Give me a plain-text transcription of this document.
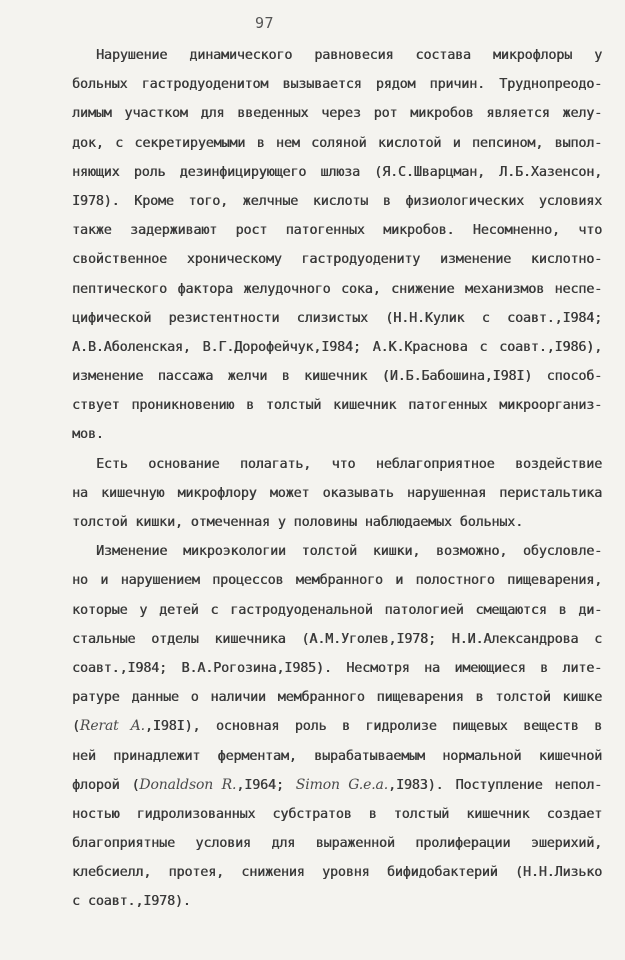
97
Нарушение динамического равновесия состава микрофлоры у
больных гастродуоденитом вызывается рядом причин. Труднопреодо-
лимым участком для введенных через рот микробов является желу-
док, с секретируемыми в нем соляной кислотой и пепсином, выпол-
няющих роль дезинфицирующего шлюза (Я.С.Шварцман, Л.Б.Хазенсон,
I978). Кроме того, желчные кислоты в физиологических условиях
также задерживают рост патогенных микробов. Несомненно, что
свойственное хроническому гастродуодениту изменение кислотно-
пептического фактора желудочного сока, снижение механизмов неспе-
цифической резистентности слизистых (Н.Н.Кулик с соавт.,I984;
А.В.Аболенская, В.Г.Дорофейчук,I984; А.К.Краснова с соавт.,I986),
изменение пассажа желчи в кишечник (И.Б.Бабошина,I98I) способ-
ствует проникновению в толстый кишечник патогенных микроорганиз-
мов.
Есть основание полагать, что неблагоприятное воздействие
на кишечную микрофлору может оказывать нарушенная перистальтика
толстой кишки, отмеченная у половины наблюдаемых больных.
Изменение микроэкологии толстой кишки, возможно, обусловле-
но и нарушением процессов мембранного и полостного пищеварения,
которые у детей с гастродуоденальной патологией смещаются в ди-
стальные отделы кишечника (А.М.Уголев,I978; Н.И.Александрова с
соавт.,I984; В.А.Рогозина,I985). Несмотря на имеющиеся в лите-
ратуре данные о наличии мембранного пищеварения в толстой кишке
(Rerat A.,I98I), основная роль в гидролизе пищевых веществ в
ней принадлежит ферментам, вырабатываемым нормальной кишечной
флорой (Donaldson R.,I964; Simon G.e.a.,I983). Поступление непол-
ностью гидролизованных субстратов в толстый кишечник создает
благоприятные условия для выраженной пролиферации эшерихий,
клебсиелл, протея, снижения уровня бифидобактерий (Н.Н.Лизько
с соавт.,I978).
